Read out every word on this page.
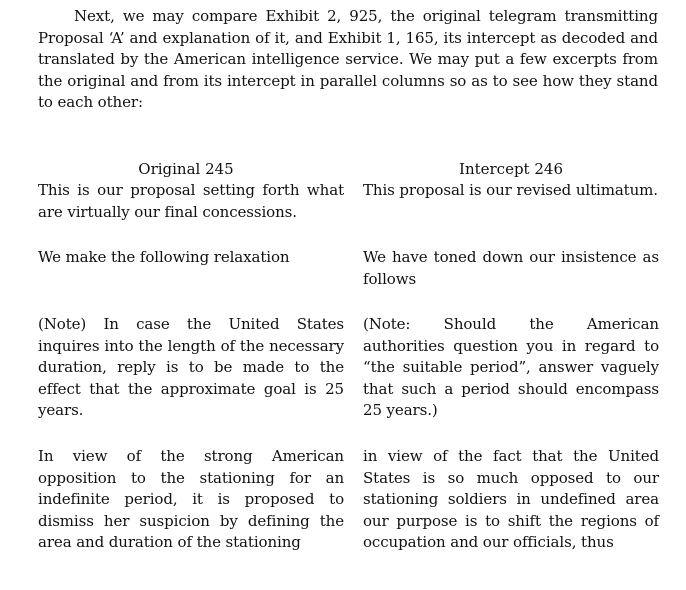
Next, we may compare Exhibit 2, 925, the original telegram transmitting Proposal ‘A’ and explanation of it, and Exhibit 1, 165, its intercept as decoded and translated by the American intelligence service. We may put a few excerpts from the original and from its intercept in parallel columns so as to see how they stand to each other:

Original 245

This is our proposal setting forth what are virtually our final concessions.

We make the following relaxation

(Note) In case the United States inquires into the length of the necessary duration, reply is to be made to the effect that the approximate goal is 25 years.

In view of the strong American opposition to the stationing for an indefinite period, it is proposed to dismiss her suspicion by defining the area and duration of the stationing

Intercept 246

This proposal is our revised ultimatum.

We have toned down our insistence as follows

(Note: Should the American authorities question you in regard to “the suitable period”, answer vaguely that such a period should encompass 25 years.)

in view of the fact that the United States is so much opposed to our stationing soldiers in undefined area our purpose is to shift the regions of occupation and our officials, thus
